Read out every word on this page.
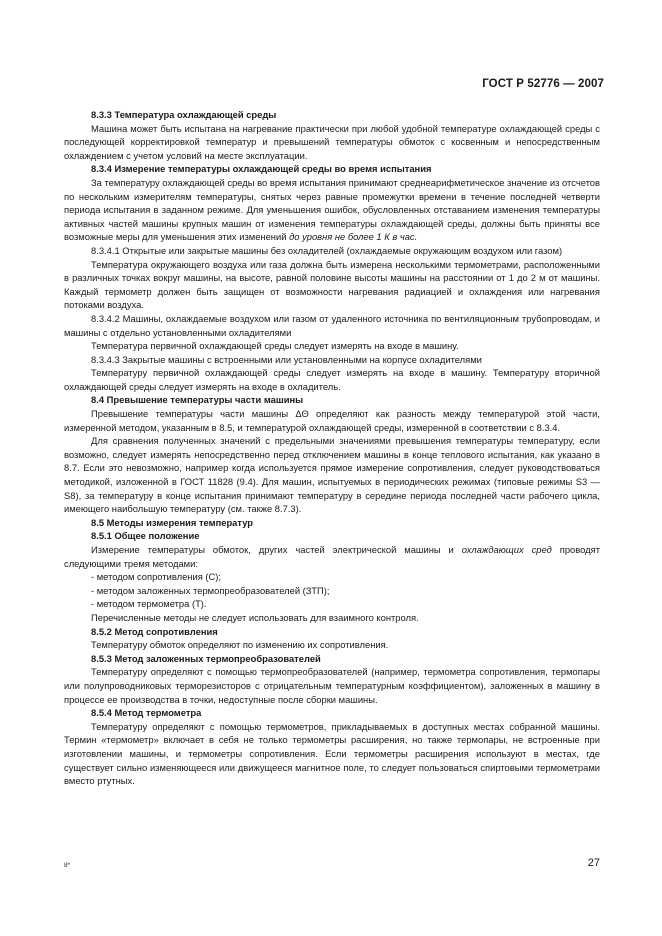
ГОСТ Р 52776 — 2007

8.3.3 Температура охлаждающей среды

Машина может быть испытана на нагревание практически при любой удобной температуре охлаждающей среды с последующей корректировкой температур и превышений температуры обмоток с косвенным и непосредственным охлаждением с учетом условий на месте эксплуатации.

8.3.4 Измерение температуры охлаждающей среды во время испытания

За температуру охлаждающей среды во время испытания принимают среднеарифметическое значение из отсчетов по нескольким измерителям температуры, снятых через равные промежутки времени в течение последней четверти периода испытания в заданном режиме. Для уменьшения ошибок, обусловленных отставанием изменения температуры активных частей машины крупных машин от изменения температуры охлаждающей среды, должны быть приняты все возможные меры для уменьшения этих изменений до уровня не более 1 К в час.

8.3.4.1 Открытые или закрытые машины без охладителей (охлаждаемые окружающим воздухом или газом)

Температура окружающего воздуха или газа должна быть измерена несколькими термометрами, расположенными в различных точках вокруг машины, на высоте, равной половине высоты машины на расстоянии от 1 до 2 м от машины. Каждый термометр должен быть защищен от возможности нагревания радиацией и охлаждения или нагревания потоками воздуха.

8.3.4.2 Машины, охлаждаемые воздухом или газом от удаленного источника по вентиляционным трубопроводам, и машины с отдельно установленными охладителями

Температура первичной охлаждающей среды следует измерять на входе в машину.

8.3.4.3 Закрытые машины с встроенными или установленными на корпусе охладителями

Температуру первичной охлаждающей среды следует измерять на входе в машину. Температуру вторичной охлаждающей среды следует измерять на входе в охладитель.

8.4 Превышение температуры части машины

Превышение температуры части машины ΔΘ определяют как разность между температурой этой части, измеренной методом, указанным в 8.5, и температурой охлаждающей среды, измеренной в соответствии с 8.3.4.

Для сравнения полученных значений с предельными значениями превышения температуры температуру, если возможно, следует измерять непосредственно перед отключением машины в конце теплового испытания, как указано в 8.7. Если это невозможно, например когда используется прямое измерение сопротивления, следует руководствоваться методикой, изложенной в ГОСТ 11828 (9.4). Для машин, испытуемых в периодических режимах (типовые режимы S3 — S8), за температуру в конце испытания принимают температуру в середине периода последней части рабочего цикла, имеющего наибольшую температуру (см. также 8.7.3).

8.5 Методы измерения температур

8.5.1 Общее положение

Измерение температуры обмоток, других частей электрической машины и охлаждающих сред проводят следующими тремя методами:

- методом сопротивления (С);

- методом заложенных термопреобразователей (ЗТП);

- методом термометра (Т).

Перечисленные методы не следует использовать для взаимного контроля.

8.5.2 Метод сопротивления

Температуру обмоток определяют по изменению их сопротивления.

8.5.3 Метод заложенных термопреобразователей

Температуру определяют с помощью термопреобразователей (например, термометра сопротивления, термопары или полупроводниковых терморезисторов с отрицательным температурным коэффициентом), заложенных в машину в процессе ее производства в точки, недоступные после сборки машины.

8.5.4 Метод термометра

Температуру определяют с помощью термометров, прикладываемых в доступных местах собранной машины. Термин «термометр» включает в себя не только термометры расширения, но также термопары, не встроенные при изготовлении машины, и термометры сопротивления. Если термометры расширения используют в местах, где существует сильно изменяющееся или движущееся магнитное поле, то следует пользоваться спиртовыми термометрами вместо ртутных.

8*	27
